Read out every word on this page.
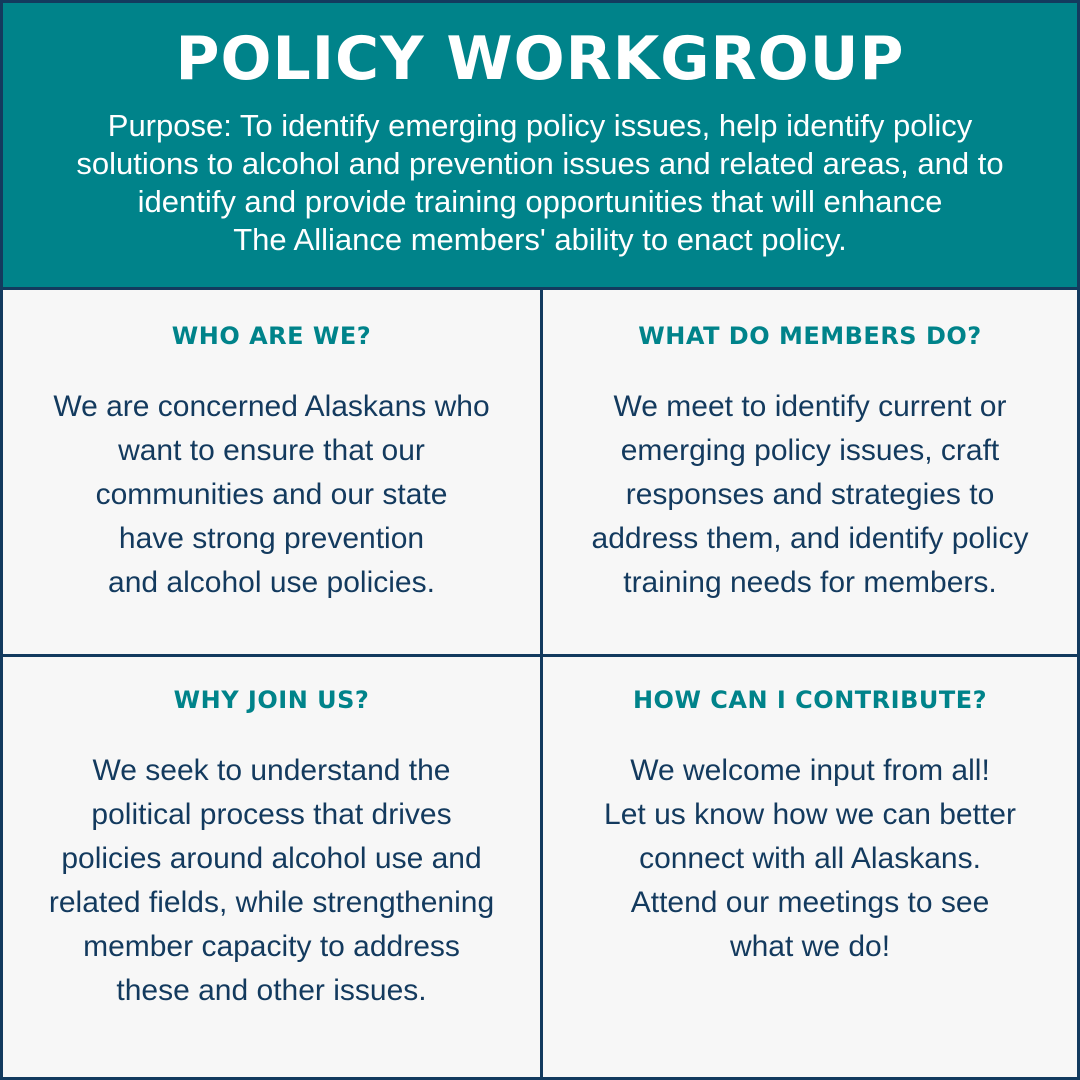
POLICY WORKGROUP
Purpose: To identify emerging policy issues, help identify policy
solutions to alcohol and prevention issues and related areas, and to
identify and provide training opportunities that will enhance
The Alliance members' ability to enact policy.
WHO ARE WE?
We are concerned Alaskans who
want to ensure that our
communities and our state
have strong prevention
and alcohol use policies.
WHAT DO MEMBERS DO?
We meet to identify current or
emerging policy issues, craft
responses and strategies to
address them, and identify policy
training needs for members.
WHY JOIN US?
We seek to understand the
political process that drives
policies around alcohol use and
related fields, while strengthening
member capacity to address
these and other issues.
HOW CAN I CONTRIBUTE?
We welcome input from all!
Let us know how we can better
connect with all Alaskans.
Attend our meetings to see
what we do!
